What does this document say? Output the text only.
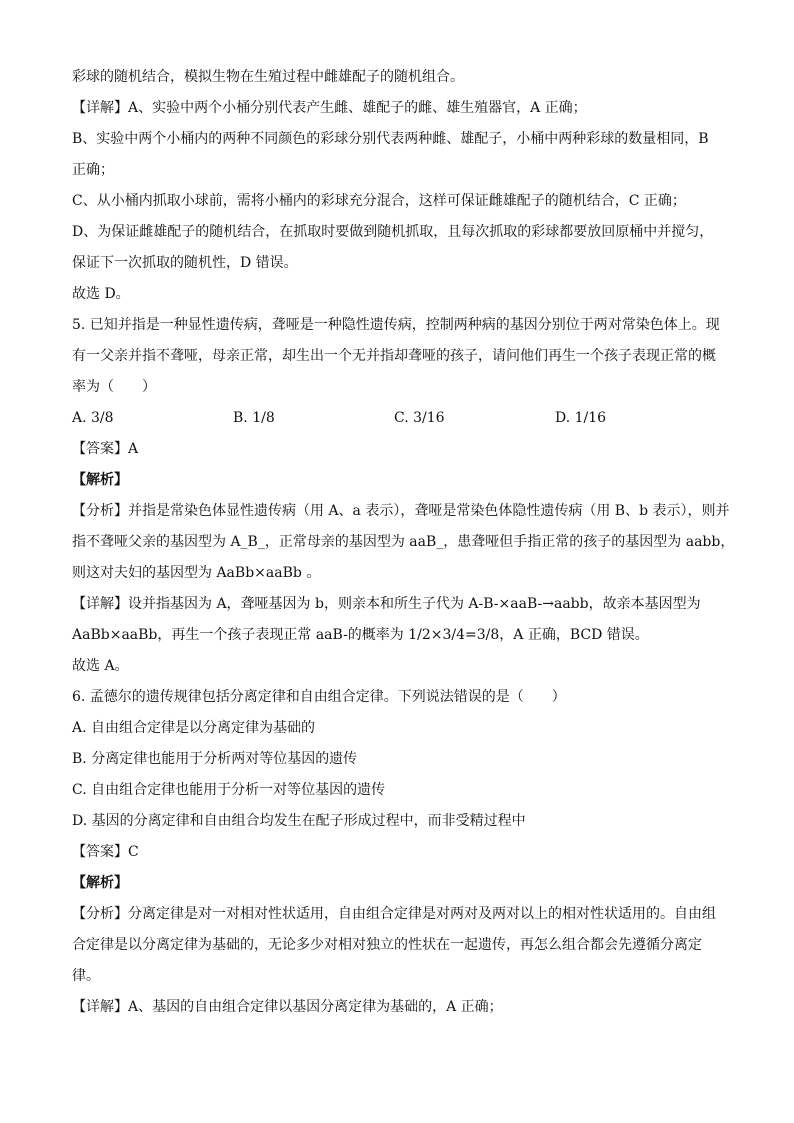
彩球的随机结合，模拟生物在生殖过程中雌雄配子的随机组合。
【详解】A、实验中两个小桶分别代表产生雌、雄配子的雌、雄生殖器官，A 正确；
B、实验中两个小桶内的两种不同颜色的彩球分别代表两种雌、雄配子，小桶中两种彩球的数量相同，B
正确；
C、从小桶内抓取小球前，需将小桶内的彩球充分混合，这样可保证雌雄配子的随机结合，C 正确；
D、为保证雌雄配子的随机结合，在抓取时要做到随机抓取，且每次抓取的彩球都要放回原桶中并搅匀，
保证下一次抓取的随机性，D 错误。
故选 D。
5. 已知并指是一种显性遗传病，聋哑是一种隐性遗传病，控制两种病的基因分别位于两对常染色体上。现
有一父亲并指不聋哑，母亲正常，却生出一个无并指却聋哑的孩子，请问他们再生一个孩子表现正常的概
率为（　　）
A. 3/8	B. 1/8	C. 3/16	D. 1/16
【答案】A
【解析】
【分析】并指是常染色体显性遗传病（用 A、a 表示），聋哑是常染色体隐性遗传病（用 B、b 表示），则并
指不聋哑父亲的基因型为 A_B_，正常母亲的基因型为 aaB_，患聋哑但手指正常的孩子的基因型为 aabb，
则这对夫妇的基因型为 AaBb×aaBb 。
【详解】设并指基因为 A，聋哑基因为 b，则亲本和所生子代为 A-B-×aaB-→aabb，故亲本基因型为
AaBb×aaBb，再生一个孩子表现正常 aaB-的概率为 1/2×3/4=3/8，A 正确，BCD 错误。
故选 A。
6. 孟德尔的遗传规律包括分离定律和自由组合定律。下列说法错误的是（　　）
A. 自由组合定律是以分离定律为基础的
B. 分离定律也能用于分析两对等位基因的遗传
C. 自由组合定律也能用于分析一对等位基因的遗传
D. 基因的分离定律和自由组合均发生在配子形成过程中，而非受精过程中
【答案】C
【解析】
【分析】分离定律是对一对相对性状适用，自由组合定律是对两对及两对以上的相对性状适用的。自由组
合定律是以分离定律为基础的，无论多少对相对独立的性状在一起遗传，再怎么组合都会先遵循分离定
律。
【详解】A、基因的自由组合定律以基因分离定律为基础的，A 正确；
